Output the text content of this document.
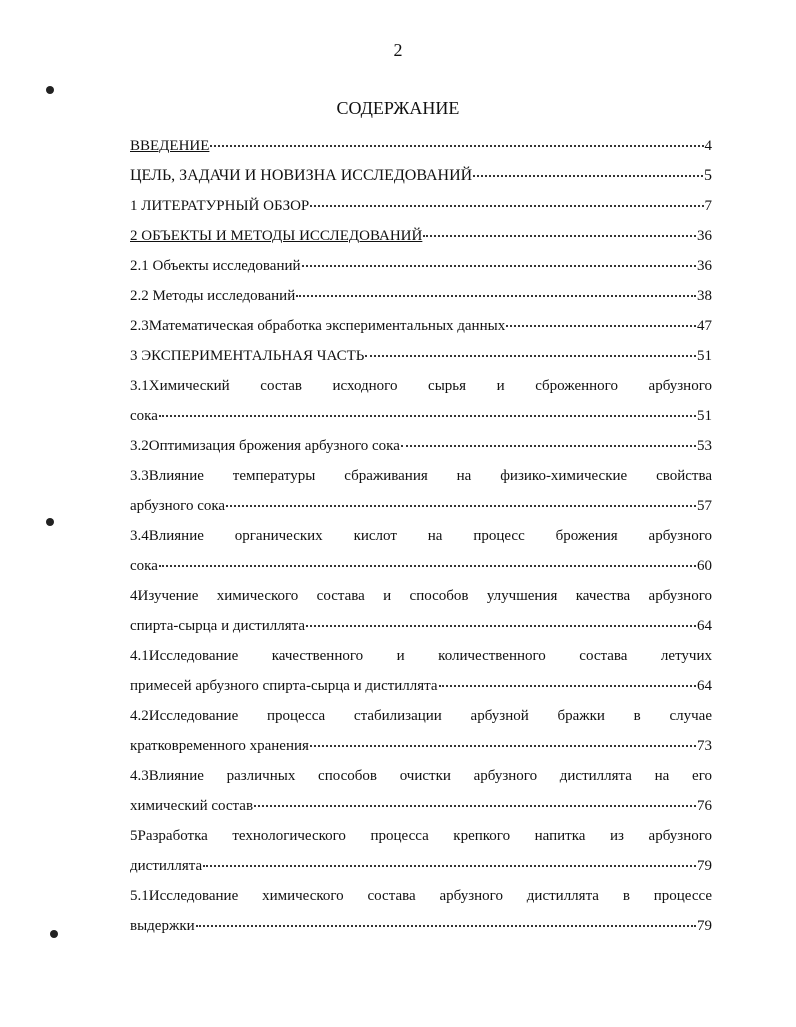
2
СОДЕРЖАНИЕ
ВВЕДЕНИЕ	4
ЦЕЛЬ, ЗАДАЧИ И НОВИЗНА ИССЛЕДОВАНИЙ	5
1 ЛИТЕРАТУРНЫЙ ОБЗОР	7
2 ОБЪЕКТЫ И МЕТОДЫ ИССЛЕДОВАНИЙ	36
2.1 Объекты исследований	36
2.2 Методы исследований	38
2.3Математическая обработка экспериментальных данных	47
3 ЭКСПЕРИМЕНТАЛЬНАЯ ЧАСТЬ	51
3.1Химический состав исходного сырья и сброженного арбузного
сока	51
3.2Оптимизация брожения арбузного сока	53
3.3Влияние температуры сбраживания на физико-химические свойства
арбузного сока	57
3.4Влияние органических кислот на процесс брожения арбузного
сока	60
4Изучение химического состава и способов улучшения качества арбузного
спирта-сырца и дистиллята	64
4.1Исследование качественного и количественного состава летучих
примесей арбузного спирта-сырца и дистиллята	64
4.2Исследование процесса стабилизации арбузной бражки в случае
кратковременного хранения	73
4.3Влияние различных способов очистки арбузного дистиллята на его
химический состав	76
5Разработка технологического процесса крепкого напитка из арбузного
дистиллята	79
5.1Исследование химического состава арбузного дистиллята в процессе
выдержки	79
